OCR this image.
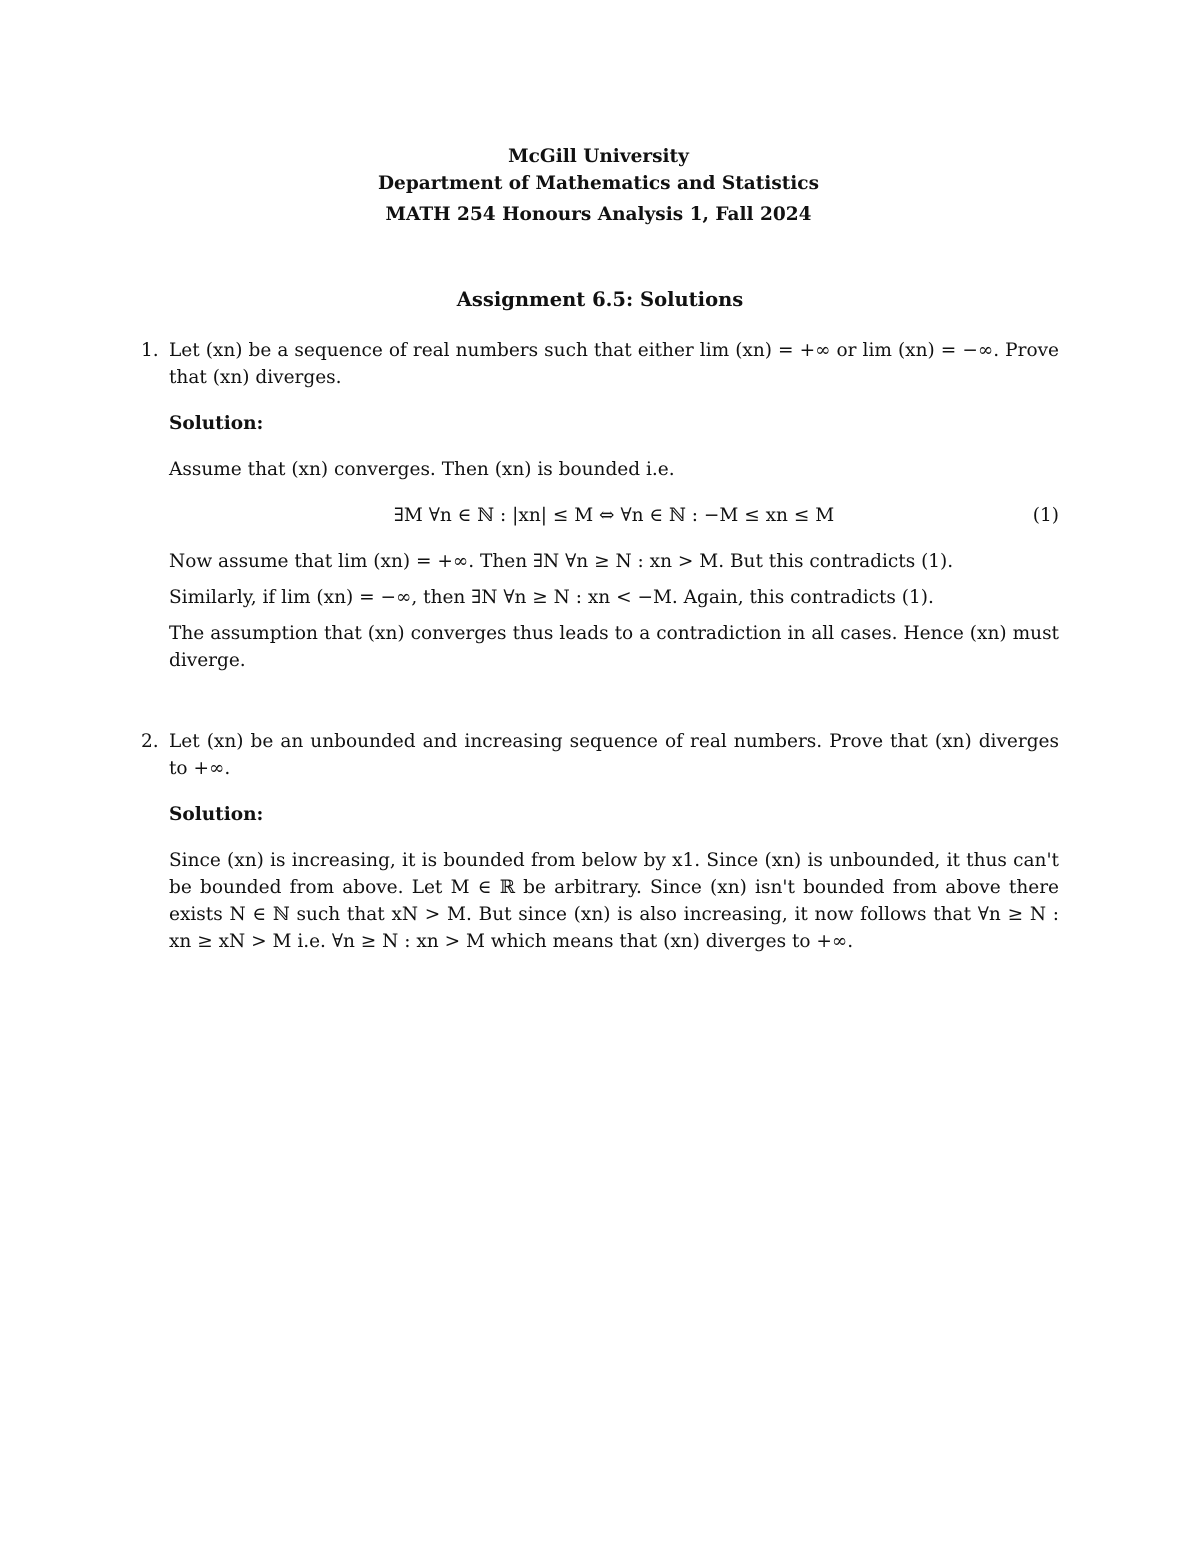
McGill University
Department of Mathematics and Statistics
MATH 254 Honours Analysis 1, Fall 2024
Assignment 6.5: Solutions
1. Let (xn) be a sequence of real numbers such that either lim (xn) = +∞ or lim (xn) = −∞. Prove that (xn) diverges.
Solution:
Assume that (xn) converges. Then (xn) is bounded i.e.
∃M ∀n ∈ ℕ : |xn| ≤ M ⇔ ∀n ∈ ℕ : −M ≤ xn ≤ M	(1)
Now assume that lim (xn) = +∞. Then ∃N ∀n ≥ N : xn > M. But this contradicts (1).
Similarly, if lim (xn) = −∞, then ∃N ∀n ≥ N : xn < −M. Again, this contradicts (1).
The assumption that (xn) converges thus leads to a contradiction in all cases. Hence (xn) must diverge.
2. Let (xn) be an unbounded and increasing sequence of real numbers. Prove that (xn) diverges to +∞.
Solution:
Since (xn) is increasing, it is bounded from below by x1. Since (xn) is unbounded, it thus can't be bounded from above. Let M ∈ ℝ be arbitrary. Since (xn) isn't bounded from above there exists N ∈ ℕ such that xN > M. But since (xn) is also increasing, it now follows that ∀n ≥ N : xn ≥ xN > M i.e. ∀n ≥ N : xn > M which means that (xn) diverges to +∞.
